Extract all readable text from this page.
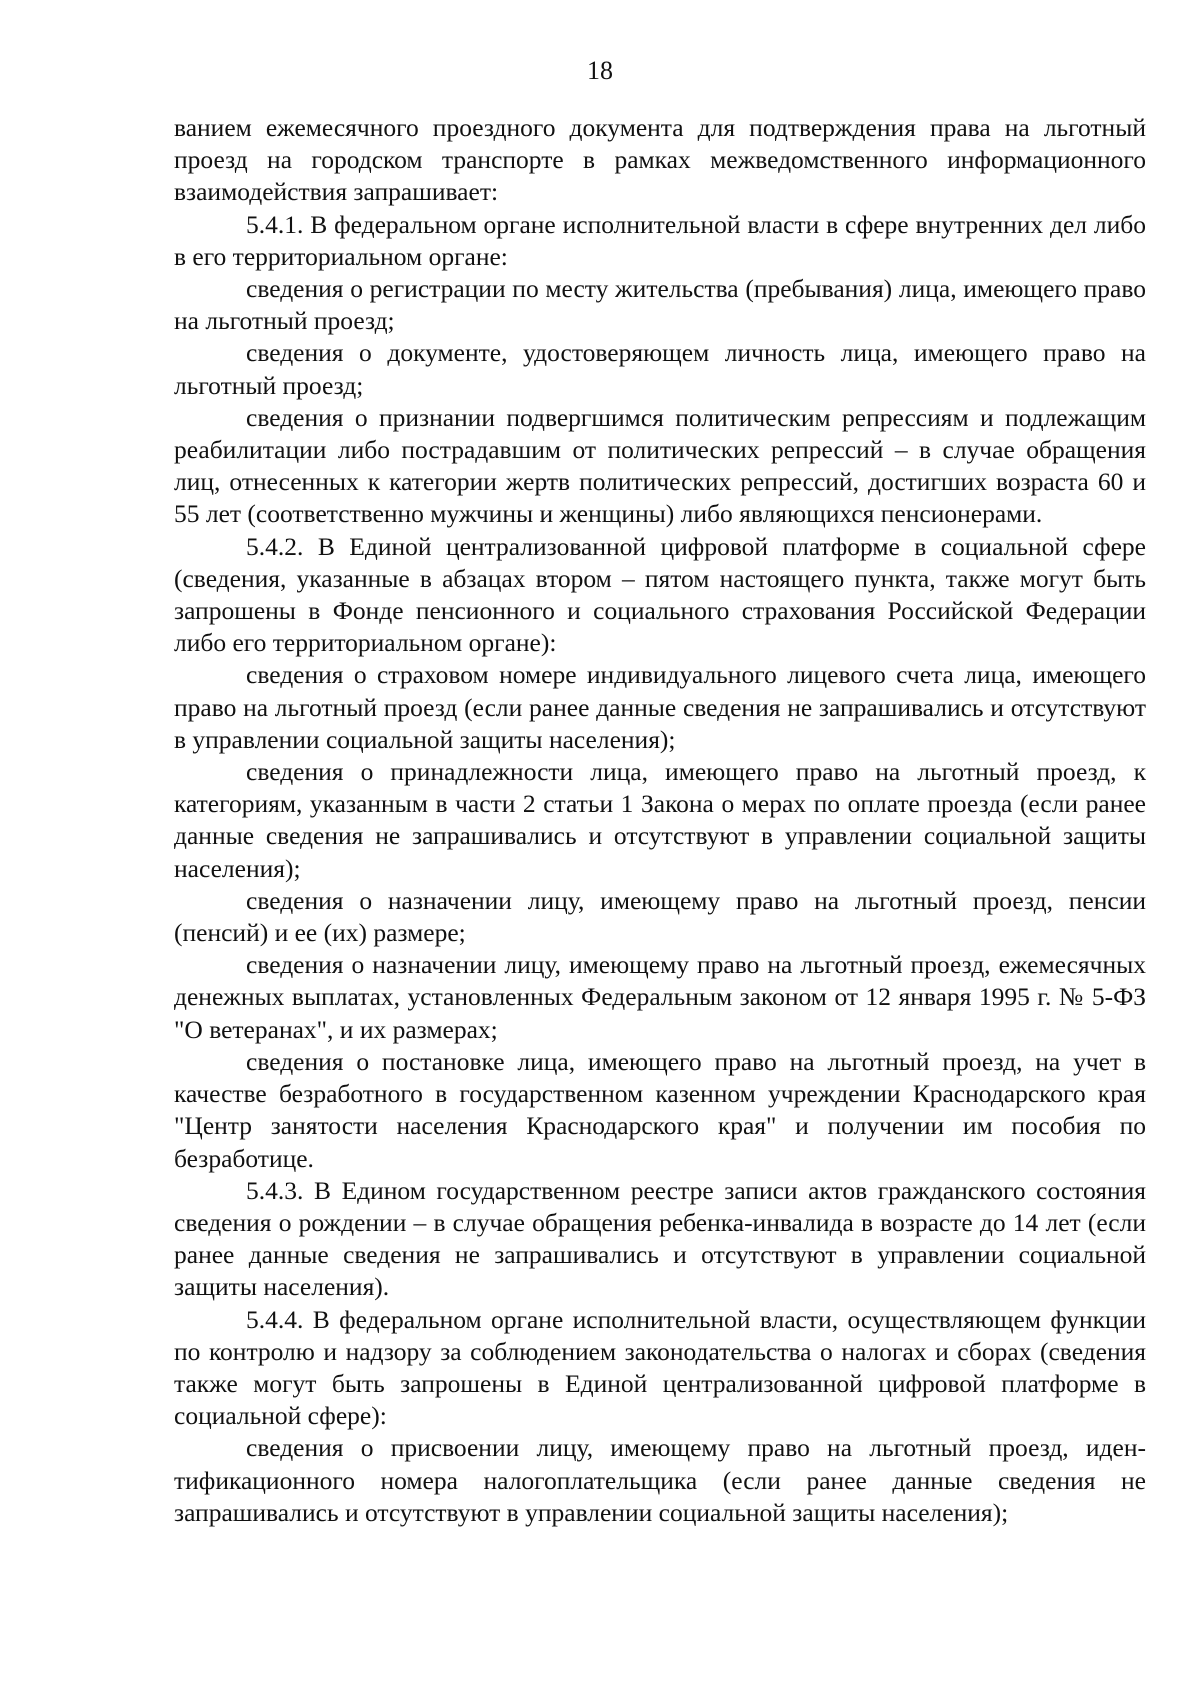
18

ванием ежемесячного проездного документа для подтверждения права на льготный проезд на городском транспорте в рамках межведомственного информационного взаимодействия запрашивает:

5.4.1. В федеральном органе исполнительной власти в сфере внутренних дел либо в его территориальном органе:

сведения о регистрации по месту жительства (пребывания) лица, имеющего право на льготный проезд;

сведения о документе, удостоверяющем личность лица, имеющего право на льготный проезд;

сведения о признании подвергшимся политическим репрессиям и подлежащим реабилитации либо пострадавшим от политических репрессий – в случае обращения лиц, отнесенных к категории жертв политических репрессий, достигших возраста 60 и 55 лет (соответственно мужчины и женщины) либо являющихся пенсионерами.

5.4.2. В Единой централизованной цифровой платформе в социальной сфере (сведения, указанные в абзацах втором – пятом настоящего пункта, также могут быть запрошены в Фонде пенсионного и социального страхования Российской Федерации либо его территориальном органе):

сведения о страховом номере индивидуального лицевого счета лица, имеющего право на льготный проезд (если ранее данные сведения не запрашивались и отсутствуют в управлении социальной защиты населения);

сведения о принадлежности лица, имеющего право на льготный проезд, к категориям, указанным в части 2 статьи 1 Закона о мерах по оплате проезда (если ранее данные сведения не запрашивались и отсутствуют в управлении социальной защиты населения);

сведения о назначении лицу, имеющему право на льготный проезд, пенсии (пенсий) и ее (их) размере;

сведения о назначении лицу, имеющему право на льготный проезд, ежемесячных денежных выплатах, установленных Федеральным законом от 12 января 1995 г. № 5-ФЗ "О ветеранах", и их размерах;

сведения о постановке лица, имеющего право на льготный проезд, на учет в качестве безработного в государственном казенном учреждении Краснодарского края "Центр занятости населения Краснодарского края" и получении им пособия по безработице.

5.4.3. В Едином государственном реестре записи актов гражданского состояния сведения о рождении – в случае обращения ребенка-инвалида в возрасте до 14 лет (если ранее данные сведения не запрашивались и отсутствуют в управлении социальной защиты населения).

5.4.4. В федеральном органе исполнительной власти, осуществляющем функции по контролю и надзору за соблюдением законодательства о налогах и сборах (сведения также могут быть запрошены в Единой централизованной цифровой платформе в социальной сфере):

сведения о присвоении лицу, имеющему право на льготный проезд, идентификационного номера налогоплательщика (если ранее данные сведения не запрашивались и отсутствуют в управлении социальной защиты населения);
